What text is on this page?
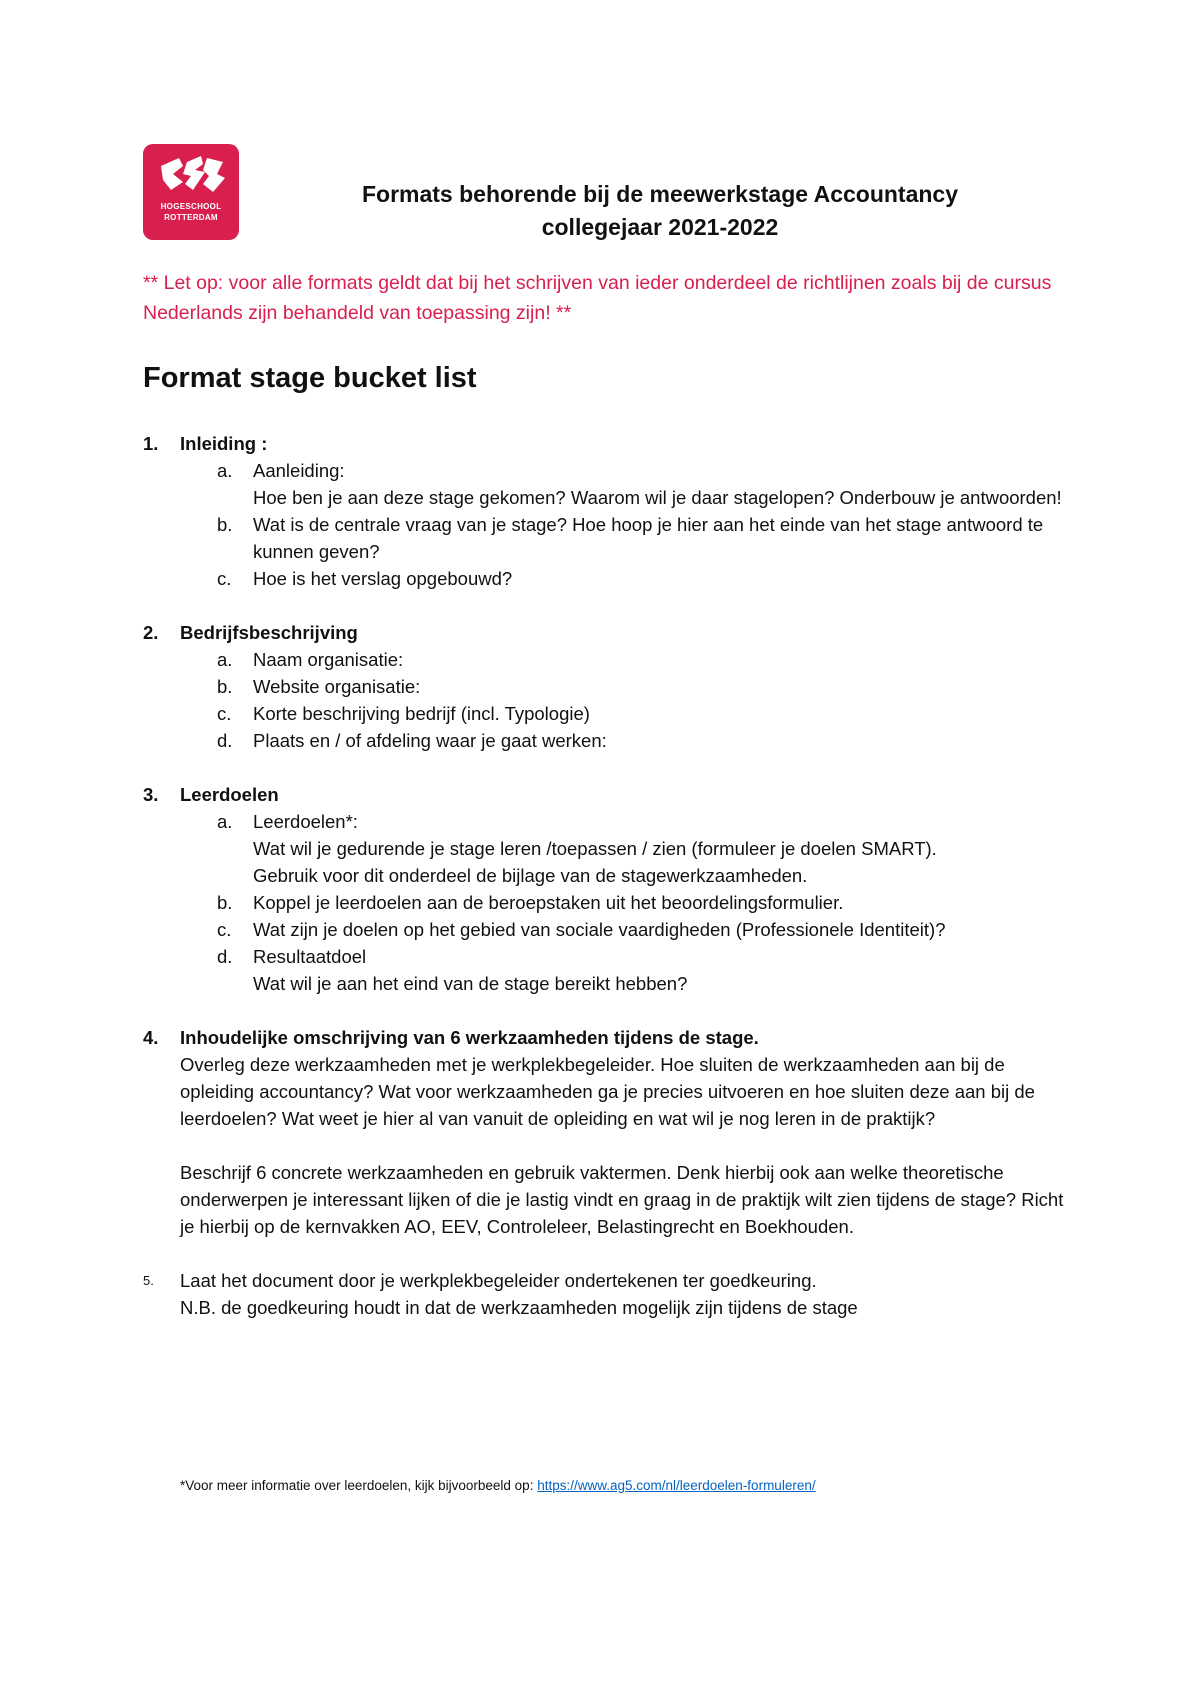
HOGESCHOOL
ROTTERDAM
Formats behorende bij de meewerkstage Accountancy
collegejaar 2021-2022
** Let op: voor alle formats geldt dat bij het schrijven van ieder onderdeel de richtlijnen zoals bij de cursus Nederlands zijn behandeld van toepassing zijn! **
Format stage bucket list
1.	Inleiding :
a.	Aanleiding:
Hoe ben je aan deze stage gekomen? Waarom wil je daar stagelopen? Onderbouw je antwoorden!
b.	Wat is de centrale vraag van je stage? Hoe hoop je hier aan het einde van het stage antwoord te kunnen geven?
c.	Hoe is het verslag opgebouwd?
2.	Bedrijfsbeschrijving
a.	Naam organisatie:
b.	Website organisatie:
c.	Korte beschrijving bedrijf (incl. Typologie)
d.	Plaats en / of afdeling waar je gaat werken:
3.	Leerdoelen
a.	Leerdoelen*:
Wat wil je gedurende je stage leren /toepassen / zien (formuleer je doelen SMART).
Gebruik voor dit onderdeel de bijlage van de stagewerkzaamheden.
b.	Koppel je leerdoelen aan de beroepstaken uit het beoordelingsformulier.
c.	Wat zijn je doelen op het gebied van sociale vaardigheden (Professionele Identiteit)?
d.	Resultaatdoel
Wat wil je aan het eind van de stage bereikt hebben?
4.	Inhoudelijke omschrijving van 6 werkzaamheden tijdens de stage.
Overleg deze werkzaamheden met je werkplekbegeleider. Hoe sluiten de werkzaamheden aan bij de opleiding accountancy? Wat voor werkzaamheden ga je precies uitvoeren en hoe sluiten deze aan bij de leerdoelen? Wat weet je hier al van vanuit de opleiding en wat wil je nog leren in de praktijk?
Beschrijf 6 concrete werkzaamheden en gebruik vaktermen. Denk hierbij ook aan welke theoretische onderwerpen je interessant lijken of die je lastig vindt en graag in de praktijk wilt zien tijdens de stage? Richt je hierbij op de kernvakken AO, EEV, Controleleer, Belastingrecht en Boekhouden.
5.	Laat het document door je werkplekbegeleider ondertekenen ter goedkeuring.
N.B. de goedkeuring houdt in dat de werkzaamheden mogelijk zijn tijdens de stage
*Voor meer informatie over leerdoelen, kijk bijvoorbeeld op: https://www.ag5.com/nl/leerdoelen-formuleren/
